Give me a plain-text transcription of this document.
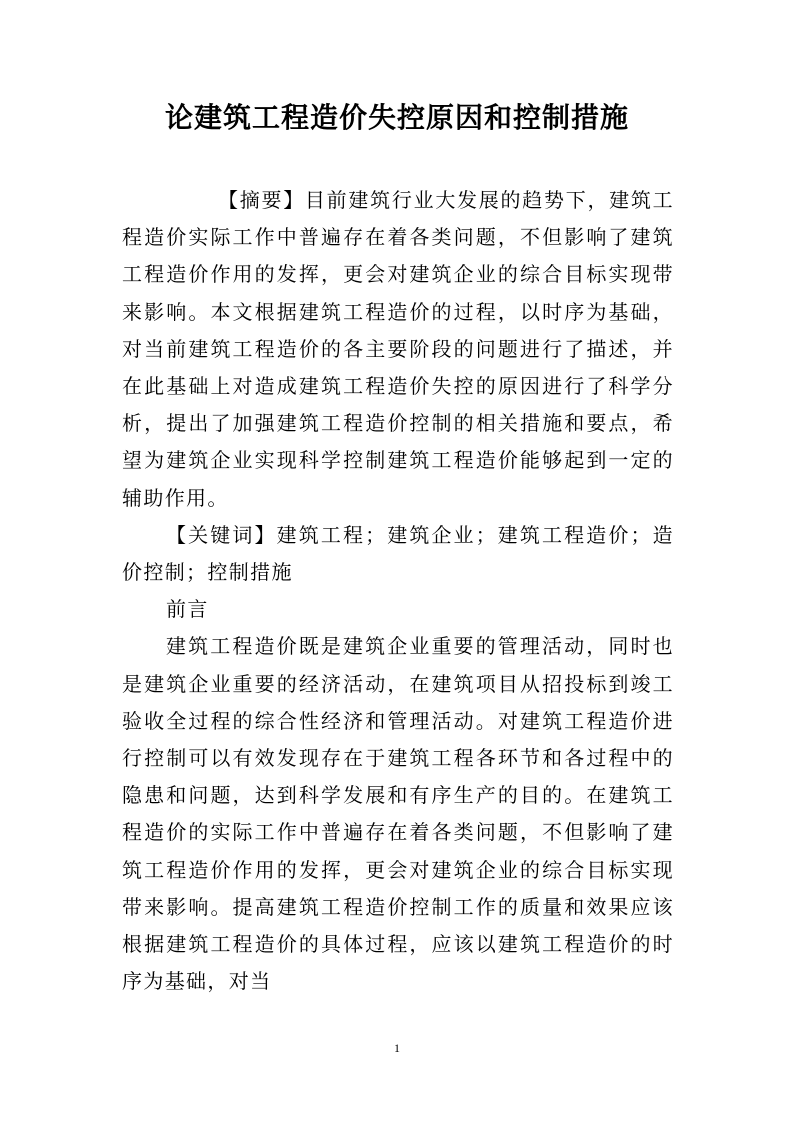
论建筑工程造价失控原因和控制措施

【摘要】目前建筑行业大发展的趋势下，建筑工程造价实际工作中普遍存在着各类问题，不但影响了建筑工程造价作用的发挥，更会对建筑企业的综合目标实现带来影响。本文根据建筑工程造价的过程，以时序为基础，对当前建筑工程造价的各主要阶段的问题进行了描述，并在此基础上对造成建筑工程造价失控的原因进行了科学分析，提出了加强建筑工程造价控制的相关措施和要点，希望为建筑企业实现科学控制建筑工程造价能够起到一定的辅助作用。

【关键词】建筑工程；建筑企业；建筑工程造价；造价控制；控制措施

前言

建筑工程造价既是建筑企业重要的管理活动，同时也是建筑企业重要的经济活动，在建筑项目从招投标到竣工验收全过程的综合性经济和管理活动。对建筑工程造价进行控制可以有效发现存在于建筑工程各环节和各过程中的隐患和问题，达到科学发展和有序生产的目的。在建筑工程造价的实际工作中普遍存在着各类问题，不但影响了建筑工程造价作用的发挥，更会对建筑企业的综合目标实现带来影响。提高建筑工程造价控制工作的质量和效果应该根据建筑工程造价的具体过程，应该以建筑工程造价的时序为基础，对当

1
